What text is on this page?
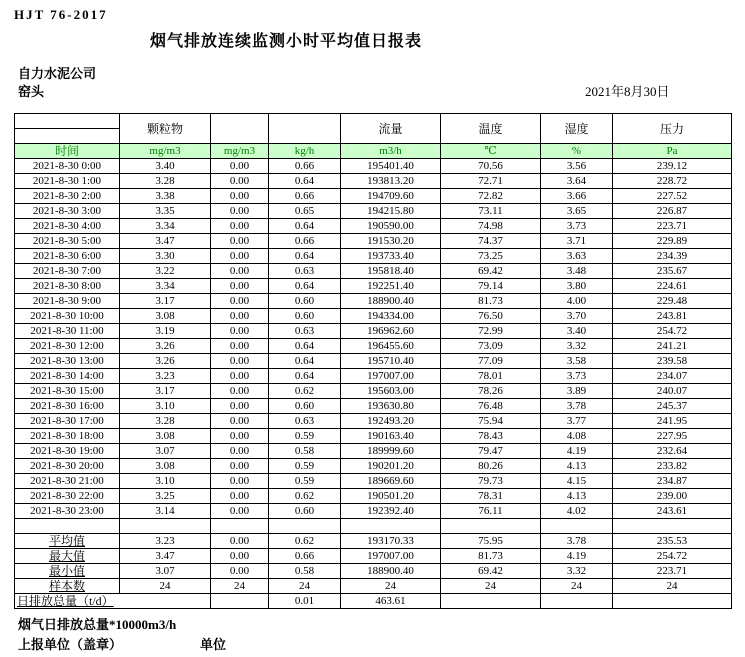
HJT 76-2017
烟气排放连续监测小时平均值日报表
自力水泥公司
窑头	2021年8月30日
	颗粒物			流量	温度	湿度	压力

时间	mg/m3	mg/m3	kg/h	m3/h	℃	%	Pa
2021-8-30 0:00	3.40	0.00	0.66	195401.40	70.56	3.56	239.12
2021-8-30 1:00	3.28	0.00	0.64	193813.20	72.71	3.64	228.72
2021-8-30 2:00	3.38	0.00	0.66	194709.60	72.82	3.66	227.52
2021-8-30 3:00	3.35	0.00	0.65	194215.80	73.11	3.65	226.87
2021-8-30 4:00	3.34	0.00	0.64	190590.00	74.98	3.73	223.71
2021-8-30 5:00	3.47	0.00	0.66	191530.20	74.37	3.71	229.89
2021-8-30 6:00	3.30	0.00	0.64	193733.40	73.25	3.63	234.39
2021-8-30 7:00	3.22	0.00	0.63	195818.40	69.42	3.48	235.67
2021-8-30 8:00	3.34	0.00	0.64	192251.40	79.14	3.80	224.61
2021-8-30 9:00	3.17	0.00	0.60	188900.40	81.73	4.00	229.48
2021-8-30 10:00	3.08	0.00	0.60	194334.00	76.50	3.70	243.81
2021-8-30 11:00	3.19	0.00	0.63	196962.60	72.99	3.40	254.72
2021-8-30 12:00	3.26	0.00	0.64	196455.60	73.09	3.32	241.21
2021-8-30 13:00	3.26	0.00	0.64	195710.40	77.09	3.58	239.58
2021-8-30 14:00	3.23	0.00	0.64	197007.00	78.01	3.73	234.07
2021-8-30 15:00	3.17	0.00	0.62	195603.00	78.26	3.89	240.07
2021-8-30 16:00	3.10	0.00	0.60	193630.80	76.48	3.78	245.37
2021-8-30 17:00	3.28	0.00	0.63	192493.20	75.94	3.77	241.95
2021-8-30 18:00	3.08	0.00	0.59	190163.40	78.43	4.08	227.95
2021-8-30 19:00	3.07	0.00	0.58	189999.60	79.47	4.19	232.64
2021-8-30 20:00	3.08	0.00	0.59	190201.20	80.26	4.13	233.82
2021-8-30 21:00	3.10	0.00	0.59	189669.60	79.73	4.15	234.87
2021-8-30 22:00	3.25	0.00	0.62	190501.20	78.31	4.13	239.00
2021-8-30 23:00	3.14	0.00	0.60	192392.40	76.11	4.02	243.61

平均值	3.23	0.00	0.62	193170.33	75.95	3.78	235.53
最大值	3.47	0.00	0.66	197007.00	81.73	4.19	254.72
最小值	3.07	0.00	0.58	188900.40	69.42	3.32	223.71
样本数	24	24	24	24	24	24	24
日排放总量（t/d）			0.01	463.61			
烟气日排放总量*10000m3/h
上报单位（盖章）	单位
